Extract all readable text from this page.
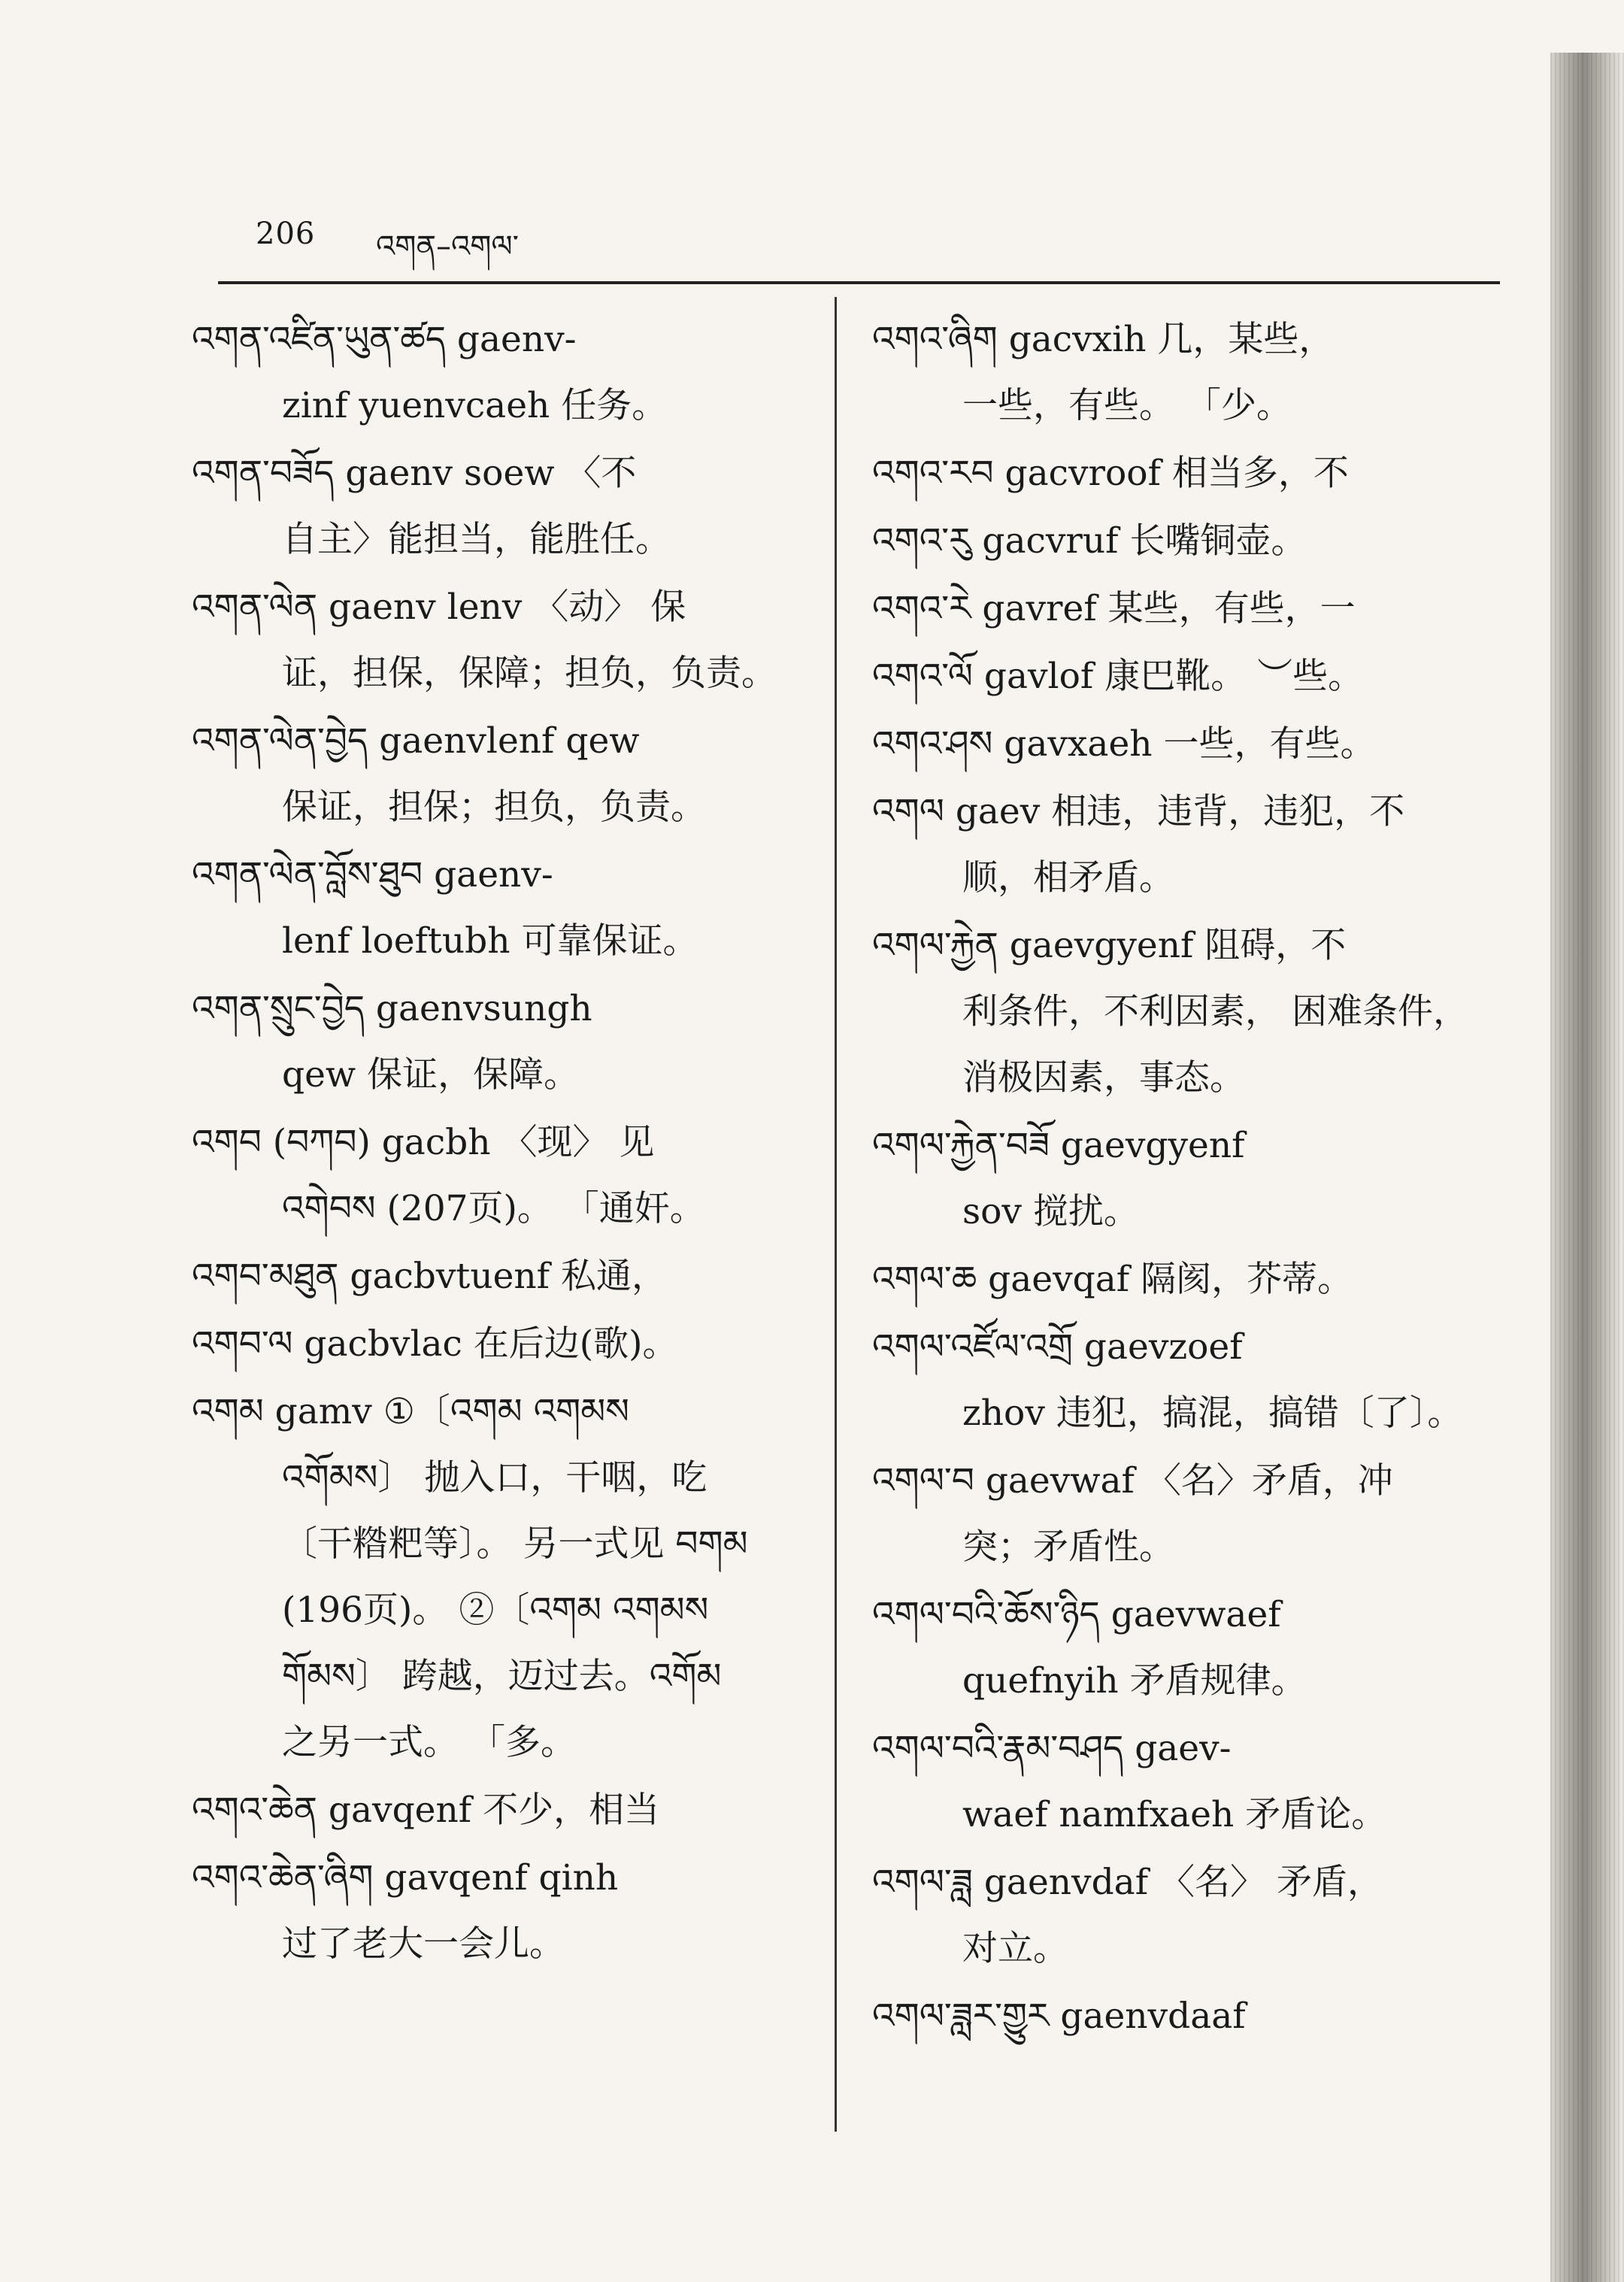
206 འགན–འགལ་
འགན་འཛིན་ཡུན་ཚད gaenv-
zinf yuenvcaeh 任务。
འགན་བཟོད gaenv soew 〈不
自主〉能担当，能胜任。
འགན་ལེན gaenv lenv 〈动〉 保
证，担保，保障；担负，负责。
འགན་ལེན་བྱེད gaenvlenf qew
保证，担保；担负，负责。
འགན་ལེན་བློས་ཐུབ gaenv-
lenf loeftubh 可靠保证。
འགན་སྲུང་བྱེད gaenvsungh
qew 保证，保障。
འགབ (བཀབ) gacbh 〈现〉 见
འགེབས (207页)。 「通奸。
འགབ་མཐུན gacbvtuenf 私通，
འགབ་ལ gacbvlac 在后边(歌)。
འགམ gamv ①〔འགམ འགམས
འགོམས〕 抛入口，干咽，吃
〔干糌粑等〕。 另一式见 བགམ
(196页)。 ②〔འགམ འགམས
གོམས〕 跨越，迈过去。འགོམ
之另一式。 「多。
འགའ་ཆེན gavqenf 不少，相当
འགའ་ཆེན་ཞིག gavqenf qinh
过了老大一会儿。
འགའ་ཞིག gacvxih 几，某些，
一些，有些。 「少。
འགའ་རབ gacvroof 相当多，不
འགའ་རུ gacvruf 长嘴铜壶。
འགའ་རེ gavref 某些，有些，一
འགའ་ལོ gavlof 康巴靴。 ︶些。
འགའ་ཤས gavxaeh 一些，有些。
འགལ gaev 相违，违背，违犯，不
顺，相矛盾。
འགལ་རྐྱེན gaevgyenf 阻碍，不
利条件，不利因素， 困难条件，
消极因素，事态。
འགལ་རྐྱེན་བཟོ gaevgyenf
sov 搅扰。
འགལ་ཆ gaevqaf 隔阂，芥蒂。
འགལ་འཛོལ་འགྲོ gaevzoef
zhov 违犯，搞混，搞错〔了〕。
འགལ་བ gaevwaf 〈名〉矛盾，冲
突；矛盾性。
འགལ་བའི་ཆོས་ཉིད gaevwaef
quefnyih 矛盾规律。
འགལ་བའི་རྣམ་བཤད gaev-
waef namfxaeh 矛盾论。
འགལ་ཟླ gaenvdaf 〈名〉 矛盾，
对立。
འགལ་ཟླར་གྱུར gaenvdaaf
